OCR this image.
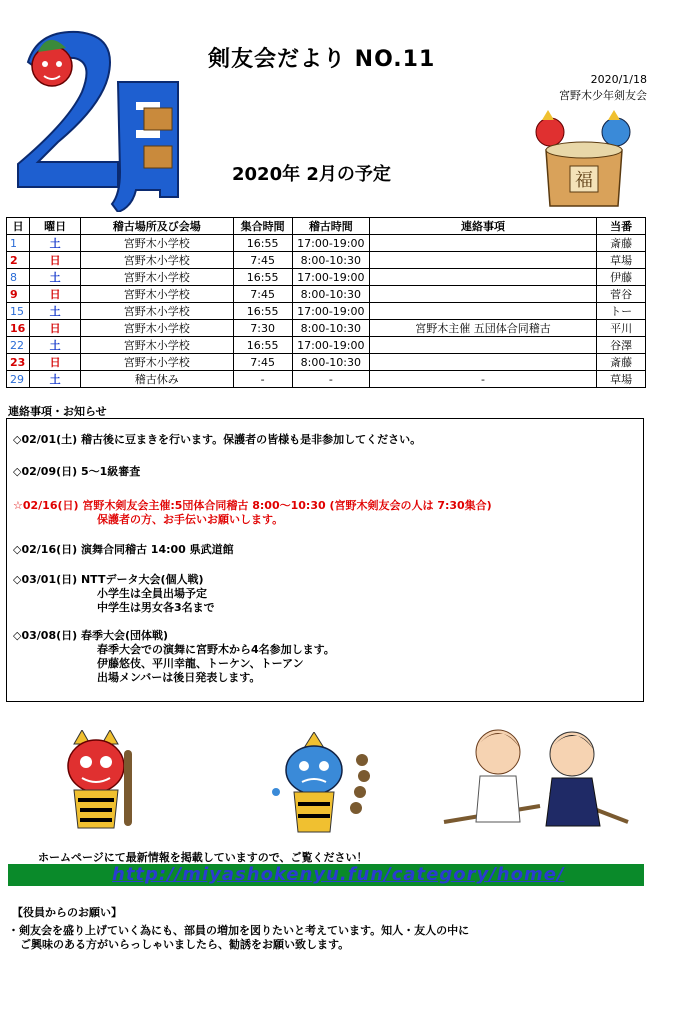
剣友会だより NO.11
2020/1/18
宮野木少年剣友会
福
2020年 2月の予定
日	曜日	稽古場所及び会場	集合時間	稽古時間	連絡事項	当番
1	土	宮野木小学校	16:55	17:00-19:00		斎藤
2	日	宮野木小学校	7:45	8:00-10:30		草場
8	土	宮野木小学校	16:55	17:00-19:00		伊藤
9	日	宮野木小学校	7:45	8:00-10:30		菅谷
15	土	宮野木小学校	16:55	17:00-19:00		トー
16	日	宮野木小学校	7:30	8:00-10:30	宮野木主催 五団体合同稽古	平川
22	土	宮野木小学校	16:55	17:00-19:00		谷澤
23	日	宮野木小学校	7:45	8:00-10:30		斎藤
29	土	稽古休み	-	-	-	草場
連絡事項・お知らせ
◇02/01(土) 稽古後に豆まきを行います。保護者の皆様も是非参加してください。
◇02/09(日) 5～1級審査
☆02/16(日) 宮野木剣友会主催:5団体合同稽古 8:00～10:30 (宮野木剣友会の人は 7:30集合)
保護者の方、お手伝いお願いします。
◇02/16(日) 演舞合同稽古 14:00 県武道館
◇03/01(日) NTTデータ大会(個人戦)
小学生は全員出場予定
中学生は男女各3名まで
◇03/08(日) 春季大会(団体戦)
春季大会での演舞に宮野木から4名参加します。
伊藤悠伎、平川幸龍、トーケン、トーアン
出場メンバーは後日発表します。
ホームページにて最新情報を掲載していますので、ご覧ください！
http://miyashokenyu.fun/category/home/
【役員からのお願い】
・剣友会を盛り上げていく為にも、部員の増加を図りたいと考えています。知人・友人の中に
ご興味のある方がいらっしゃいましたら、勧誘をお願い致します。
